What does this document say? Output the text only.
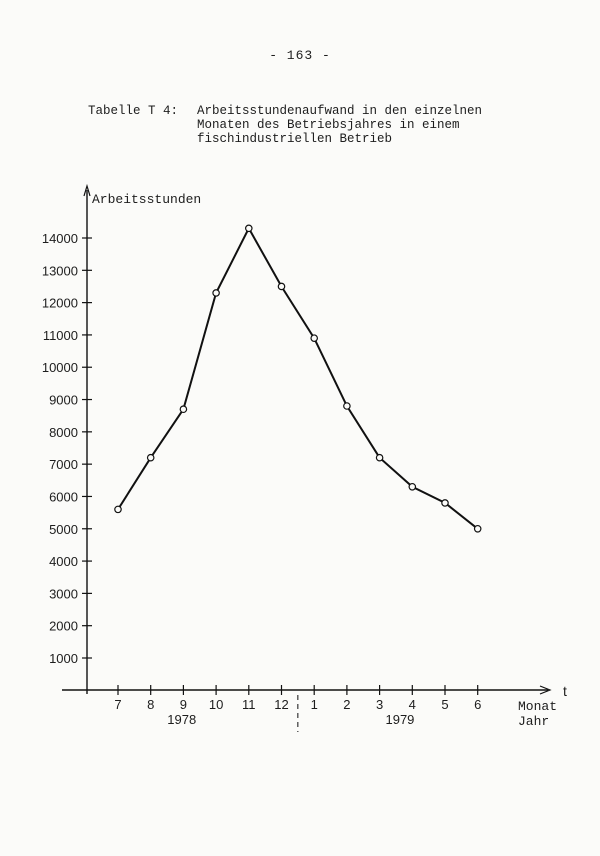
- 163 -

Tabelle T 4:

Arbeitsstundenaufwand in den einzelnen
Monaten des Betriebsjahres in einem
fischindustriellen Betrieb

1000
2000
3000
4000
5000
6000
7000
8000
9000
10000
11000
12000
13000
14000
7 8 9 10 11 12 1 2 3 4 5 6
1978	1979
Arbeitsstunden
t
Monat
Jahr
